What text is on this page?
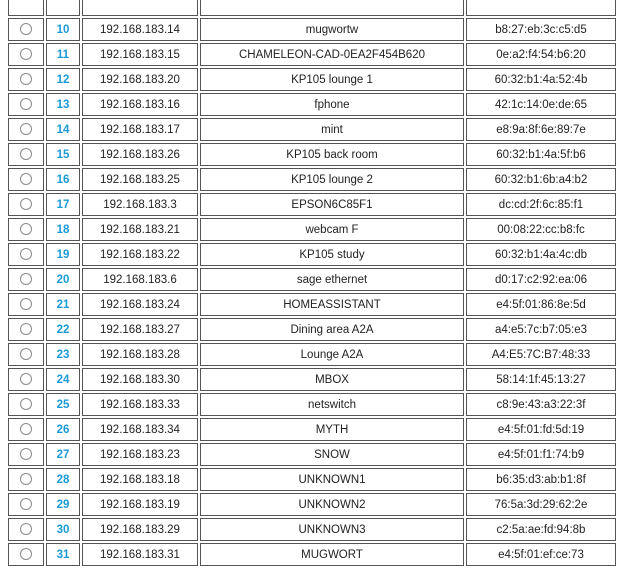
	10	192.168.183.14	mugwortw	b8:27:eb:3c:c5:d5
	11	192.168.183.15	CHAMELEON-CAD-0EA2F454B620	0e:a2:f4:54:b6:20
	12	192.168.183.20	KP105 lounge 1	60:32:b1:4a:52:4b
	13	192.168.183.16	fphone	42:1c:14:0e:de:65
	14	192.168.183.17	mint	e8:9a:8f:6e:89:7e
	15	192.168.183.26	KP105 back room	60:32:b1:4a:5f:b6
	16	192.168.183.25	KP105 lounge 2	60:32:b1:6b:a4:b2
	17	192.168.183.3	EPSON6C85F1	dc:cd:2f:6c:85:f1
	18	192.168.183.21	webcam F	00:08:22:cc:b8:fc
	19	192.168.183.22	KP105 study	60:32:b1:4a:4c:db
	20	192.168.183.6	sage ethernet	d0:17:c2:92:ea:06
	21	192.168.183.24	HOMEASSISTANT	e4:5f:01:86:8e:5d
	22	192.168.183.27	Dining area A2A	a4:e5:7c:b7:05:e3
	23	192.168.183.28	Lounge A2A	A4:E5:7C:B7:48:33
	24	192.168.183.30	MBOX	58:14:1f:45:13:27
	25	192.168.183.33	netswitch	c8:9e:43:a3:22:3f
	26	192.168.183.34	MYTH	e4:5f:01:fd:5d:19
	27	192.168.183.23	SNOW	e4:5f:01:f1:74:b9
	28	192.168.183.18	UNKNOWN1	b6:35:d3:ab:b1:8f
	29	192.168.183.19	UNKNOWN2	76:5a:3d:29:62:2e
	30	192.168.183.29	UNKNOWN3	c2:5a:ae:fd:94:8b
	31	192.168.183.31	MUGWORT	e4:5f:01:ef:ce:73
